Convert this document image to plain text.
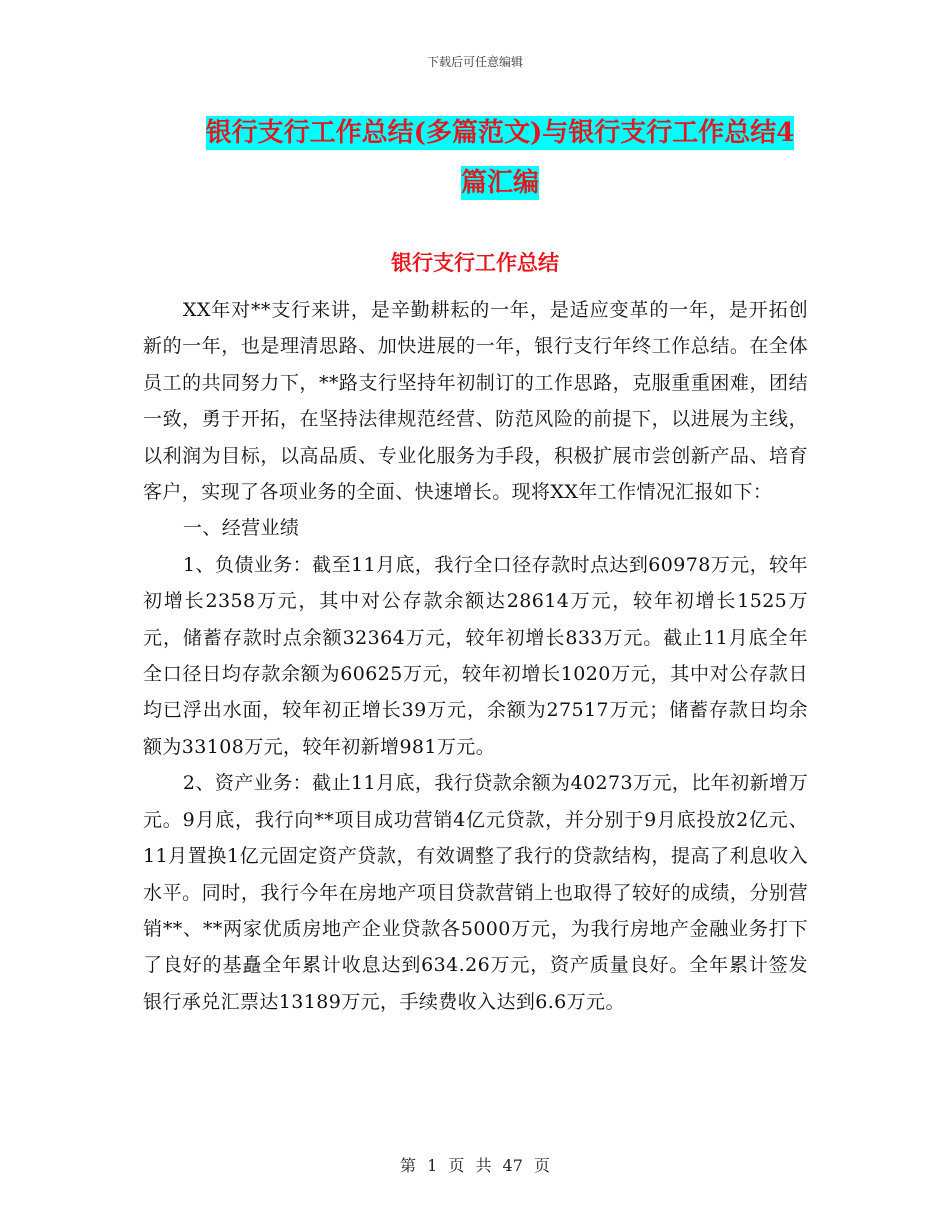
下载后可任意编辑
银行支行工作总结(多篇范文)与银行支行工作总结4
篇汇编
银行支行工作总结

XX年对**支行来讲，是辛勤耕耘的一年，是适应变革的一年，是开拓创新的一年，也是理清思路、加快进展的一年，银行支行年终工作总结。在全体员工的共同努力下，**路支行坚持年初制订的工作思路，克服重重困难，团结一致，勇于开拓，在坚持法律规范经营、防范风险的前提下，以进展为主线，以利润为目标，以高品质、专业化服务为手段，积极扩展市尝创新产品、培育客户，实现了各项业务的全面、快速增长。现将XX年工作情况汇报如下：

一、经营业绩

1、负债业务：截至11月底，我行全口径存款时点达到60978万元，较年初增长2358万元，其中对公存款余额达28614万元，较年初增长1525万元，储蓄存款时点余额32364万元，较年初增长833万元。截止11月底全年全口径日均存款余额为60625万元，较年初增长1020万元，其中对公存款日均已浮出水面，较年初正增长39万元，余额为27517万元；储蓄存款日均余额为33108万元，较年初新增981万元。

2、资产业务：截止11月底，我行贷款余额为40273万元，比年初新增万元。9月底，我行向**项目成功营销4亿元贷款，并分别于9月底投放2亿元、11月置换1亿元固定资产贷款，有效调整了我行的贷款结构，提高了利息收入水平。同时，我行今年在房地产项目贷款营销上也取得了较好的成绩，分别营销**、**两家优质房地产企业贷款各5000万元，为我行房地产金融业务打下了良好的基矗全年累计收息达到634.26万元，资产质量良好。全年累计签发银行承兑汇票达13189万元，手续费收入达到6.6万元。

第 1 页 共 47 页
